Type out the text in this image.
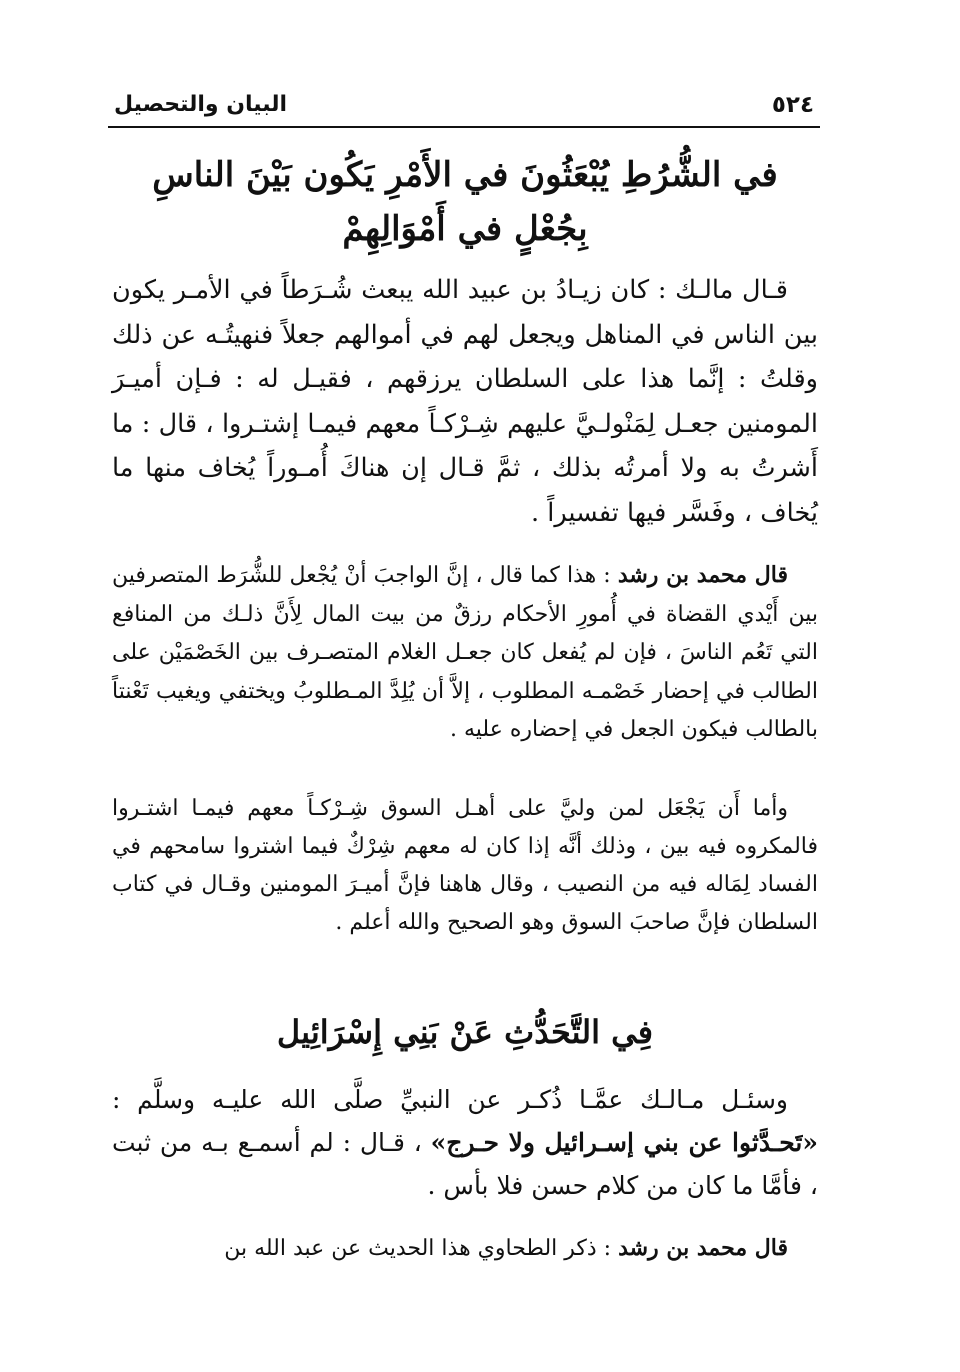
٥٢٤
البيان والتحصيل
في الشُّرُطِ يُبْعَثُونَ في الأَمْرِ يَكُون بَيْنَ الناسِ بِجُعْلٍ في أَمْوَالِهِمْ
قـال مالـك : كان زيـادُ بن عبيد الله يبعث شُـرَطاً في الأمـر يكون بين الناس في المناهل ويجعل لهم في أموالهم جعلاً فنهيتُـه عن ذلك وقلتُ : إنَّما هذا على السلطان يرزقهم ، فقيـل له : فـإن أميـرَ المومنين جعـل لِمَنْولـيَّ عليهم شِـرْكـاً معهم فيمـا إشتـروا ، قال : ما أَشرتُ به ولا أمرتُه بذلك ، ثمَّ قـال إن هناكَ أُمـوراً يُخاف منها ما يُخاف ، وفَسَّر فيها تفسيراً .
قال محمد بن رشد : هذا كما قال ، إنَّ الواجبَ أنْ يُجْعل للشُّرَط المتصرفين بين أَيْدي القضاة في أُمورِ الأحكام رزقٌ من بيت المال لِأَنَّ ذلـك من المنافع التي تَعُم الناسَ ، فإن لم يُفعل كان جعـل الغلام المتصـرف بين الخَصْمَيْن على الطالب في إحضار خَصْمـه المطلوب ، إلاَّ أن يُلِدَّ المـطلوبُ ويختفي ويغيب تَعْنتاً بالطالب فيكون الجعل في إحضاره عليه .
وأما أَن يَجْعَل لمن وليَّ على أهـل السوق شِـرْكـاً معهم فيمـا اشتـروا فالمكروه فيه بين ، وذلك أنَّه إذا كان له معهم شِرْكٌ فيما اشتروا سامحهم في الفساد لِمَاله فيه من النصيب ، وقال هاهنا فإنَّ أميـرَ المومنين وقـال في كتاب السلطان فإنَّ صاحبَ السوق وهو الصحيح والله أعلم .
فِي التَّحَدُّثِ عَنْ بَنِي إِسْرَائِيل
وسئـل مـالـك عمَّـا ذُكـر عن النبيِّ صلَّى الله عليـه وسلَّم : «تَحـدَّثوا عن بني إسـرائيل ولا حـرج» ، قـال : لم أسمـع بـه من ثبت ، فأمَّا ما كان من كلام حسن فلا بأس .
قال محمد بن رشد : ذكر الطحاوي هذا الحديث عن عبد الله بن
